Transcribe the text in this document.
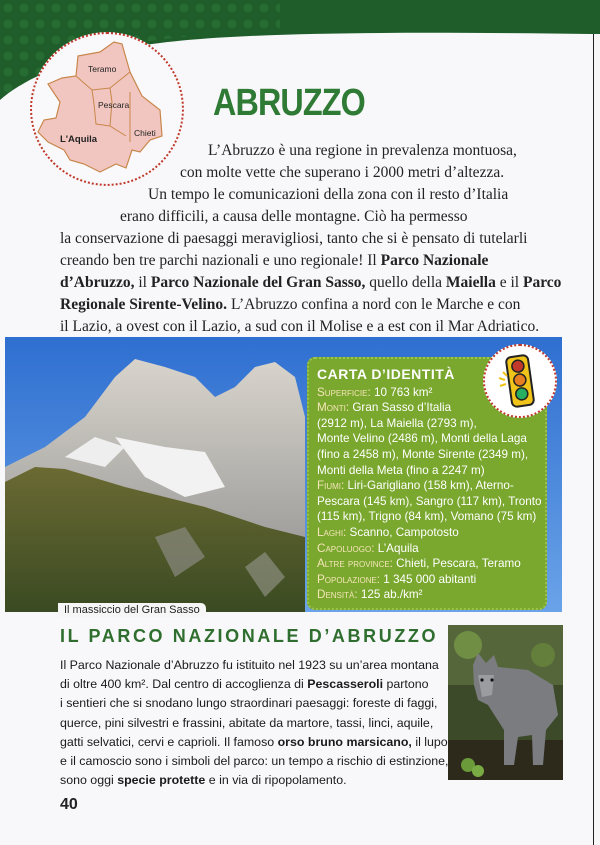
Teramo
Pescara
L'Aquila
Chieti
ABRUZZO
L’Abruzzo è una regione in prevalenza montuosa,
con molte vette che superano i 2000 metri d’altezza.
Un tempo le comunicazioni della zona con il resto d’Italia
erano difficili, a causa delle montagne. Ciò ha permesso
la conservazione di paesaggi meravigliosi, tanto che si è pensato di tutelarli
creando ben tre parchi nazionali e uno regionale! Il Parco Nazionale
d’Abruzzo, il Parco Nazionale del Gran Sasso, quello della Maiella e il Parco
Regionale Sirente-Velino. L’Abruzzo confina a nord con le Marche e con
il Lazio, a ovest con il Lazio, a sud con il Molise e a est con il Mar Adriatico.
Il massiccio del Gran Sasso
CARTA D’IDENTITÀ
Superficie: 10 763 km²
Monti: Gran Sasso d’Italia
(2912 m), La Maiella (2793 m),
Monte Velino (2486 m), Monti della Laga
(fino a 2458 m), Monte Sirente (2349 m),
Monti della Meta (fino a 2247 m)
Fiumi: Liri-Garigliano (158 km), Aterno-
Pescara (145 km), Sangro (117 km), Tronto
(115 km), Trigno (84 km), Vomano (75 km)
Laghi: Scanno, Campotosto
Capoluogo: L’Aquila
Altre province: Chieti, Pescara, Teramo
Popolazione: 1 345 000 abitanti
Densità: 125 ab./km²
IL PARCO NAZIONALE D’ABRUZZO
Il Parco Nazionale d’Abruzzo fu istituito nel 1923 su un’area montana
di oltre 400 km². Dal centro di accoglienza di Pescasseroli partono
i sentieri che si snodano lungo straordinari paesaggi: foreste di faggi,
querce, pini silvestri e frassini, abitate da martore, tassi, linci, aquile,
gatti selvatici, cervi e caprioli. Il famoso orso bruno marsicano, il lupo
e il camoscio sono i simboli del parco: un tempo a rischio di estinzione,
sono oggi specie protette e in via di ripopolamento.
40
